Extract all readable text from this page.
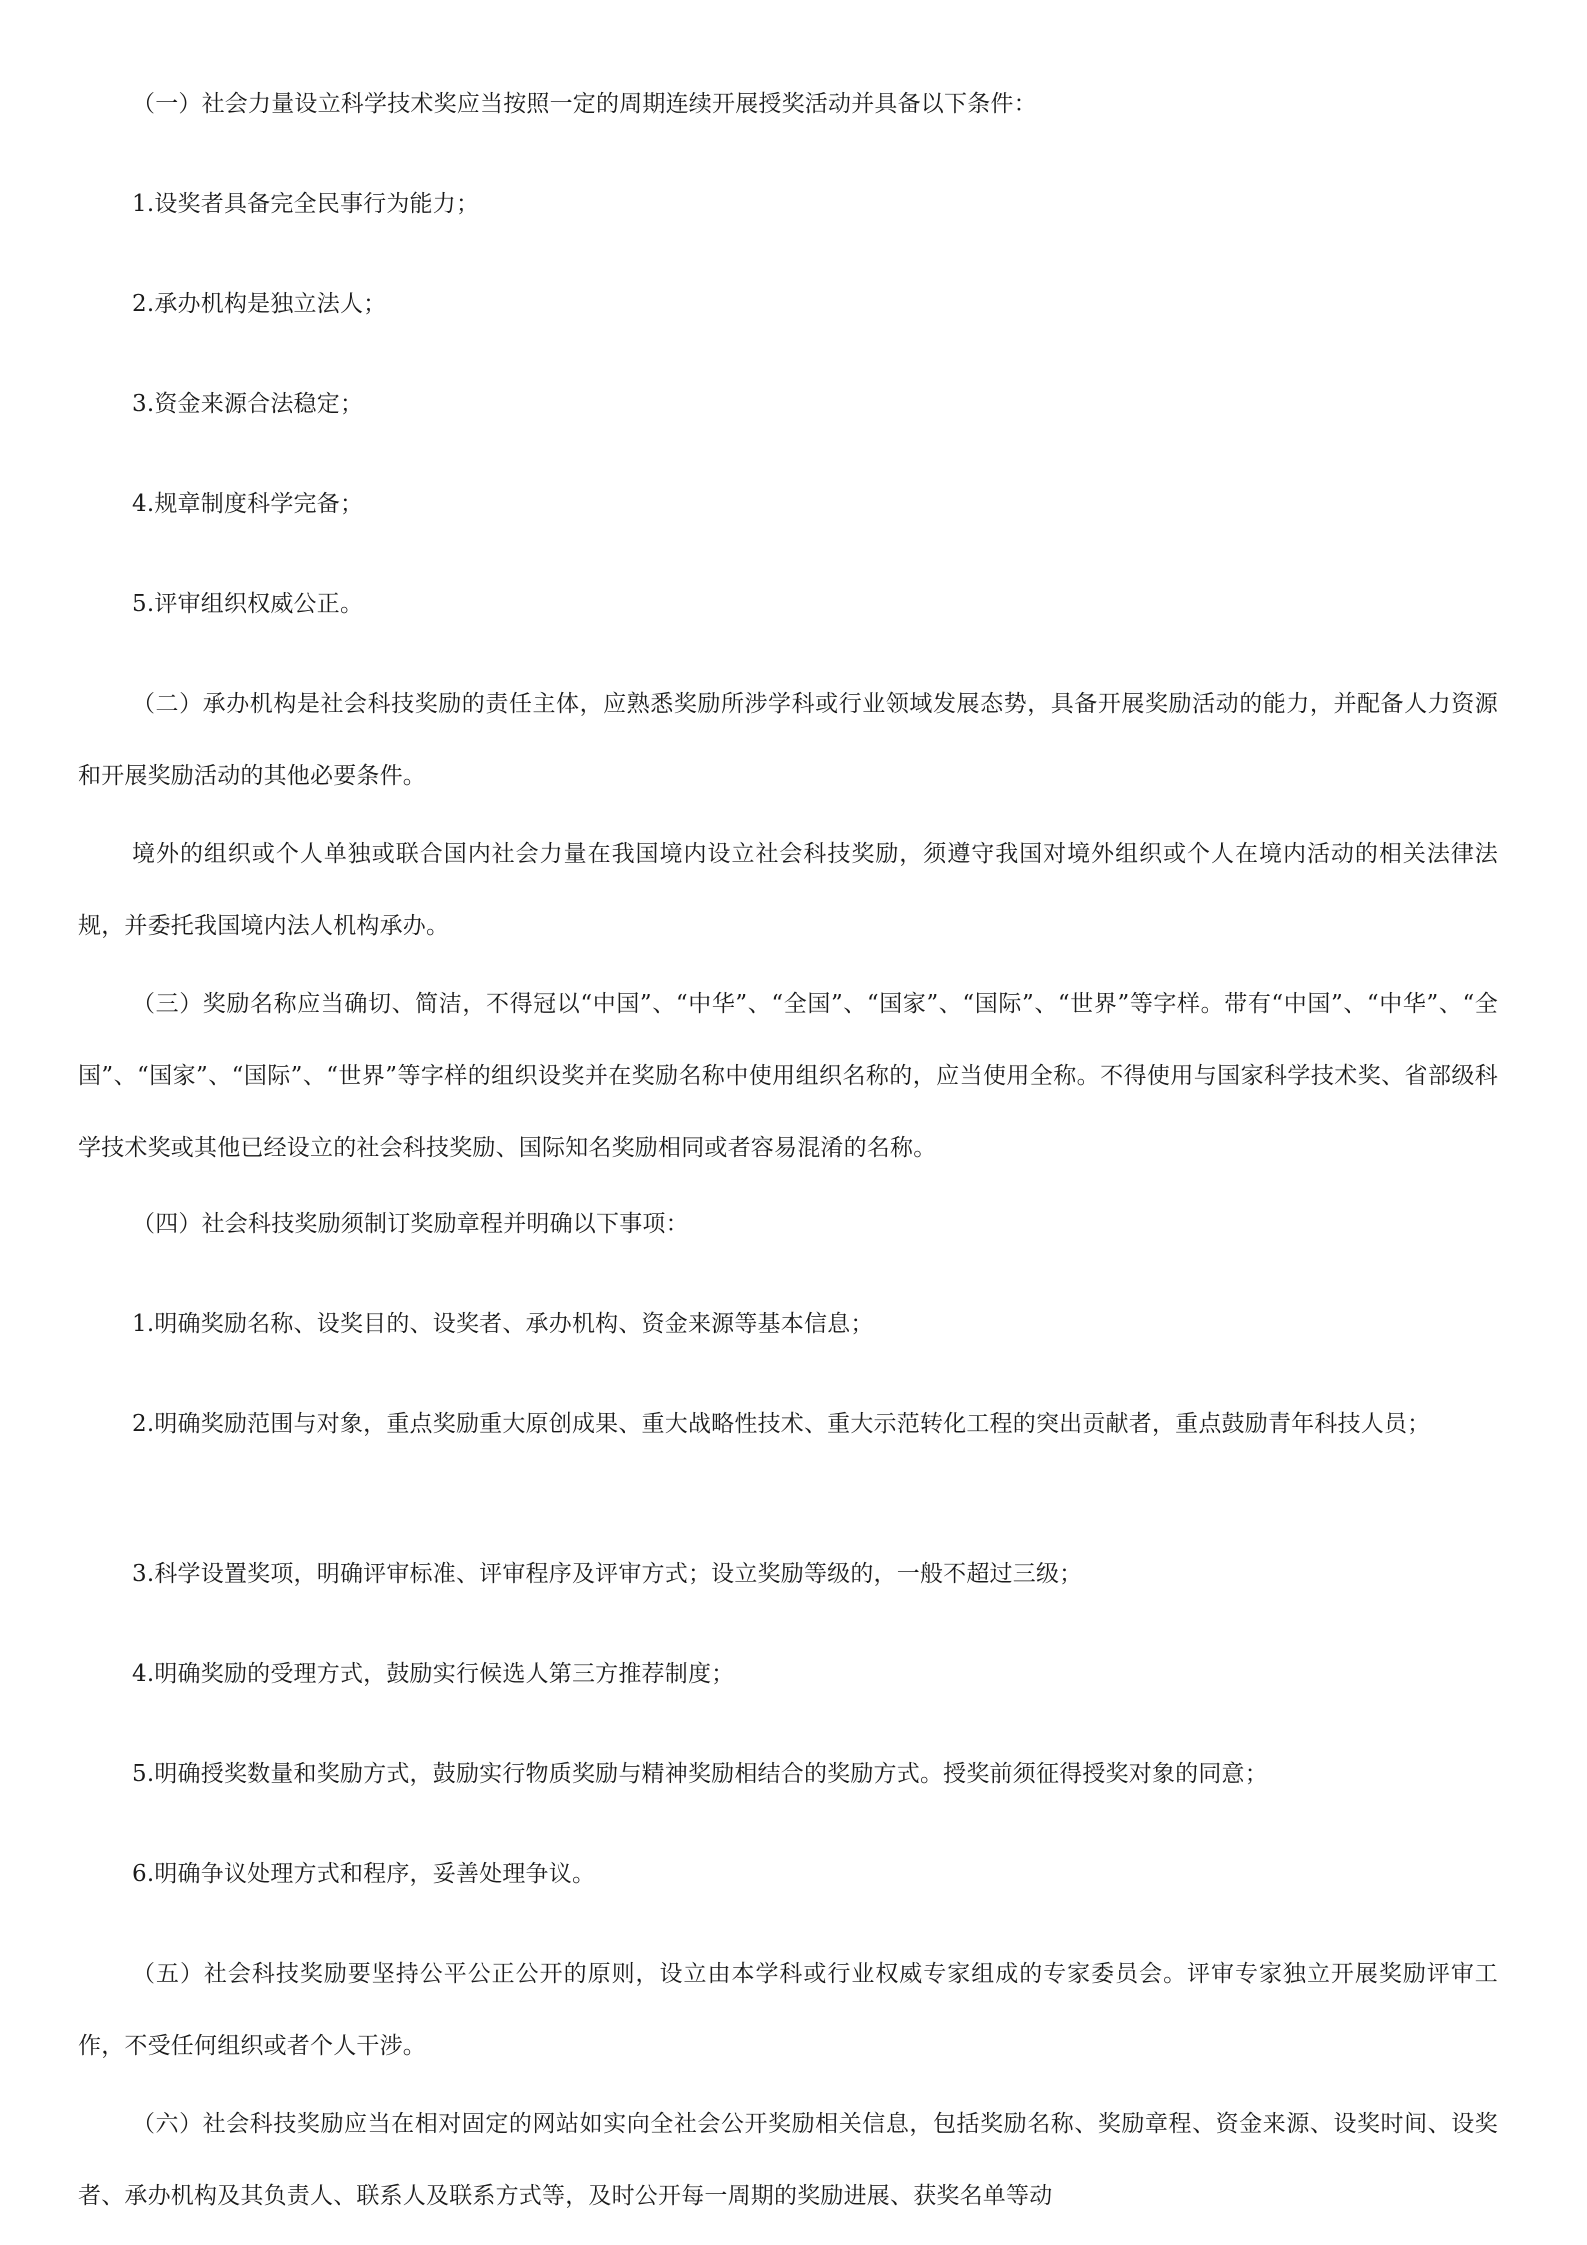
（一）社会力量设立科学技术奖应当按照一定的周期连续开展授奖活动并具备以下条件：

1.设奖者具备完全民事行为能力；

2.承办机构是独立法人；

3.资金来源合法稳定；

4.规章制度科学完备；

5.评审组织权威公正。

（二）承办机构是社会科技奖励的责任主体，应熟悉奖励所涉学科或行业领域发展态势，具备开展奖励活动的能力，并配备人力资源和开展奖励活动的其他必要条件。

境外的组织或个人单独或联合国内社会力量在我国境内设立社会科技奖励，须遵守我国对境外组织或个人在境内活动的相关法律法规，并委托我国境内法人机构承办。

（三）奖励名称应当确切、简洁，不得冠以“中国”、“中华”、“全国”、“国家”、“国际”、“世界”等字样。带有“中国”、“中华”、“全国”、“国家”、“国际”、“世界”等字样的组织设奖并在奖励名称中使用组织名称的，应当使用全称。不得使用与国家科学技术奖、省部级科学技术奖或其他已经设立的社会科技奖励、国际知名奖励相同或者容易混淆的名称。

（四）社会科技奖励须制订奖励章程并明确以下事项：

1.明确奖励名称、设奖目的、设奖者、承办机构、资金来源等基本信息；

2.明确奖励范围与对象，重点奖励重大原创成果、重大战略性技术、重大示范转化工程的突出贡献者，重点鼓励青年科技人员；

3.科学设置奖项，明确评审标准、评审程序及评审方式；设立奖励等级的，一般不超过三级；

4.明确奖励的受理方式，鼓励实行候选人第三方推荐制度；

5.明确授奖数量和奖励方式，鼓励实行物质奖励与精神奖励相结合的奖励方式。授奖前须征得授奖对象的同意；

6.明确争议处理方式和程序，妥善处理争议。

（五）社会科技奖励要坚持公平公正公开的原则，设立由本学科或行业权威专家组成的专家委员会。评审专家独立开展奖励评审工作，不受任何组织或者个人干涉。

（六）社会科技奖励应当在相对固定的网站如实向全社会公开奖励相关信息，包括奖励名称、奖励章程、资金来源、设奖时间、设奖者、承办机构及其负责人、联系人及联系方式等，及时公开每一周期的奖励进展、获奖名单等动
